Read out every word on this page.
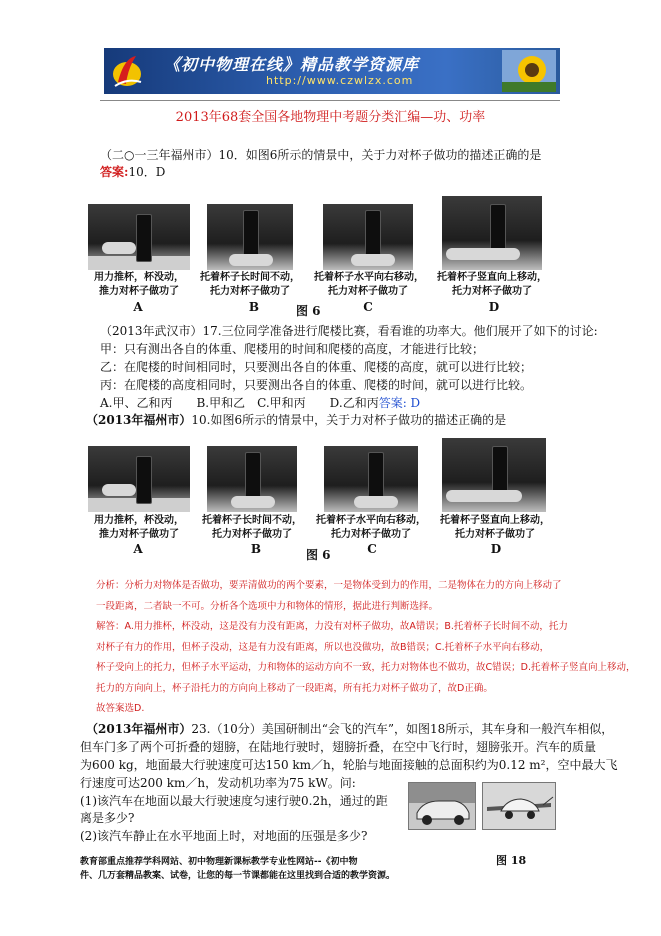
《初中物理在线》精品教学资源库
http://www.czwlzx.com
2013年68套全国各地物理中考题分类汇编—功、功率
（二○一三年福州市）10．如图6所示的情景中，关于力对杯子做功的描述正确的是
答案:10．D
用力推杯，杯没动，
推力对杯子做功了
托着杯子长时间不动，
托力对杯子做功了
托着杯子水平向右移动，
托力对杯子做功了
托着杯子竖直向上移动，
托力对杯子做功了
A	B	C	D
图 6
（2013年武汉市）17.三位同学准备进行爬楼比赛，看看谁的功率大。他们展开了如下的讨论:
甲：只有测出各自的体重、爬楼用的时间和爬楼的高度，才能进行比较；
乙：在爬楼的时间相同时，只要测出各自的体重、爬楼的高度，就可以进行比较；
丙：在爬楼的高度相同时，只要测出各自的体重、爬楼的时间，就可以进行比较。
A.甲、乙和丙　　B.甲和乙　C.甲和丙　　D.乙和丙答案: D
（2013年福州市）10.如图6所示的情景中，关于力对杯子做功的描述正确的是
用力推杯，杯没动，
推力对杯子做功了
托着杯子长时间不动，
托力对杯子做功了
托着杯子水平向右移动，
托力对杯子做功了
托着杯子竖直向上移动，
托力对杯子做功了
A	B	C	D
图 6
分析：分析力对物体是否做功，要弄清做功的两个要素，一是物体受到力的作用，二是物体在力的方向上移动了
一段距离，二者缺一不可。分析各个选项中力和物体的情形，据此进行判断选择。
解答：A.用力推杯，杯没动，这是没有力没有距离，力没有对杯子做功，故A错误；B.托着杯子长时间不动，托力
对杯子有力的作用，但杯子没动，这是有力没有距离，所以也没做功，故B错误；C.托着杯子水平向右移动，
杯子受向上的托力，但杯子水平运动，力和物体的运动方向不一致，托力对物体也不做功，故C错误；D.托着杯子竖直向上移动，
托力的方向向上，杯子沿托力的方向向上移动了一段距离，所有托力对杯子做功了，故D正确。
故答案选D.
（2013年福州市）23.（10分）美国研制出“会飞的汽车”，如图18所示，其车身和一般汽车相似，
但车门多了两个可折叠的翅膀，在陆地行驶时，翅膀折叠，在空中飞行时，翅膀张开。汽车的质量
为600 kg，地面最大行驶速度可达150 km／h，轮胎与地面接触的总面积约为0.12 m²，空中最大飞
行速度可达200 km／h，发动机功率为75 kW。问:
(1)该汽车在地面以最大行驶速度匀速行驶0.2h，通过的距
离是多少?
(2)该汽车静止在水平地面上时，对地面的压强是多少?
图 18
教育部重点推荐学科网站、初中物理新课标教学专业性网站--《初中物
件、几万套精品教案、试卷，让您的每一节课都能在这里找到合适的教学资源。
